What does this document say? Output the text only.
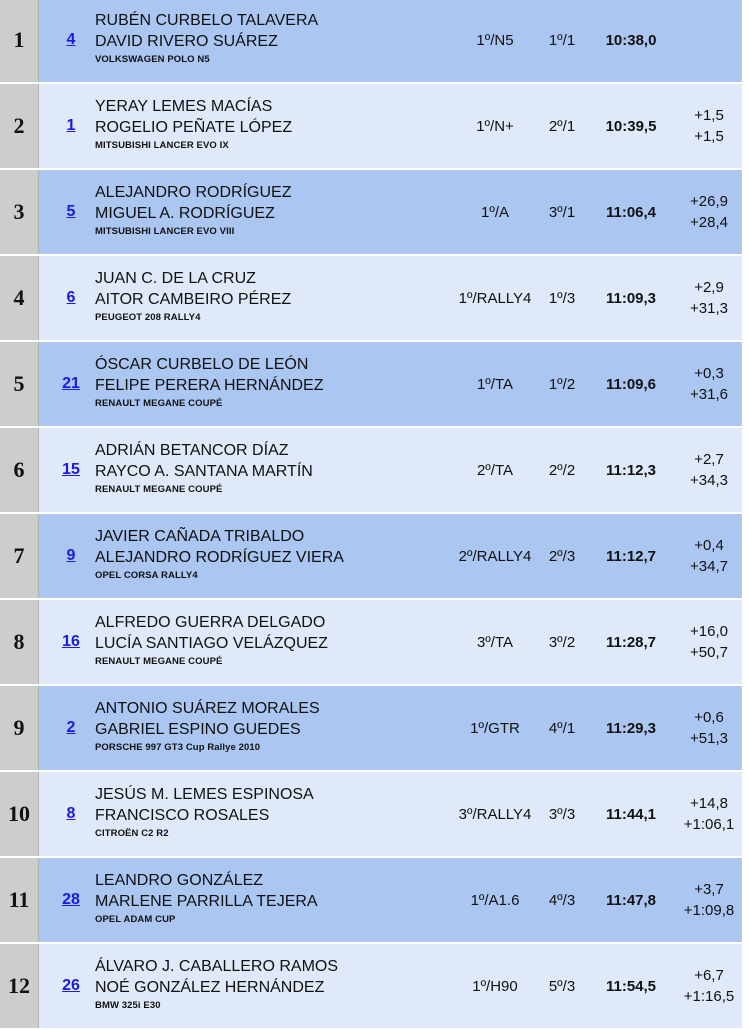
1	4
RUBÉN CURBELO TALAVERA
DAVID RIVERO SUÁREZ
VOLKSWAGEN POLO N5
1º/N5	1º/1	10:38,0
2	1
YERAY LEMES MACÍAS
ROGELIO PEÑATE LÓPEZ
MITSUBISHI LANCER EVO IX
1º/N+	2º/1	10:39,5
+1,5
+1,5
3	5
ALEJANDRO RODRÍGUEZ
MIGUEL A. RODRÍGUEZ
MITSUBISHI LANCER EVO VIII
1º/A	3º/1	11:06,4
+26,9
+28,4
4	6
JUAN C. DE LA CRUZ
AITOR CAMBEIRO PÉREZ
PEUGEOT 208 RALLY4
1º/RALLY4	1º/3	11:09,3
+2,9
+31,3
5	21
ÓSCAR CURBELO DE LEÓN
FELIPE PERERA HERNÁNDEZ
RENAULT MEGANE COUPÉ
1º/TA	1º/2	11:09,6
+0,3
+31,6
6	15
ADRIÁN BETANCOR DÍAZ
RAYCO A. SANTANA MARTÍN
RENAULT MEGANE COUPÉ
2º/TA	2º/2	11:12,3
+2,7
+34,3
7	9
JAVIER CAÑADA TRIBALDO
ALEJANDRO RODRÍGUEZ VIERA
OPEL CORSA RALLY4
2º/RALLY4	2º/3	11:12,7
+0,4
+34,7
8	16
ALFREDO GUERRA DELGADO
LUCÍA SANTIAGO VELÁZQUEZ
RENAULT MEGANE COUPÉ
3º/TA	3º/2	11:28,7
+16,0
+50,7
9	2
ANTONIO SUÁREZ MORALES
GABRIEL ESPINO GUEDES
PORSCHE 997 GT3 Cup Rallye 2010
1º/GTR	4º/1	11:29,3
+0,6
+51,3
10	8
JESÚS M. LEMES ESPINOSA
FRANCISCO ROSALES
CITROËN C2 R2
3º/RALLY4	3º/3	11:44,1
+14,8
+1:06,1
11	28
LEANDRO GONZÁLEZ
MARLENE PARRILLA TEJERA
OPEL ADAM CUP
1º/A1.6	4º/3	11:47,8
+3,7
+1:09,8
12	26
ÁLVARO J. CABALLERO RAMOS
NOÉ GONZÁLEZ HERNÁNDEZ
BMW 325i E30
1º/H90	5º/3	11:54,5
+6,7
+1:16,5
